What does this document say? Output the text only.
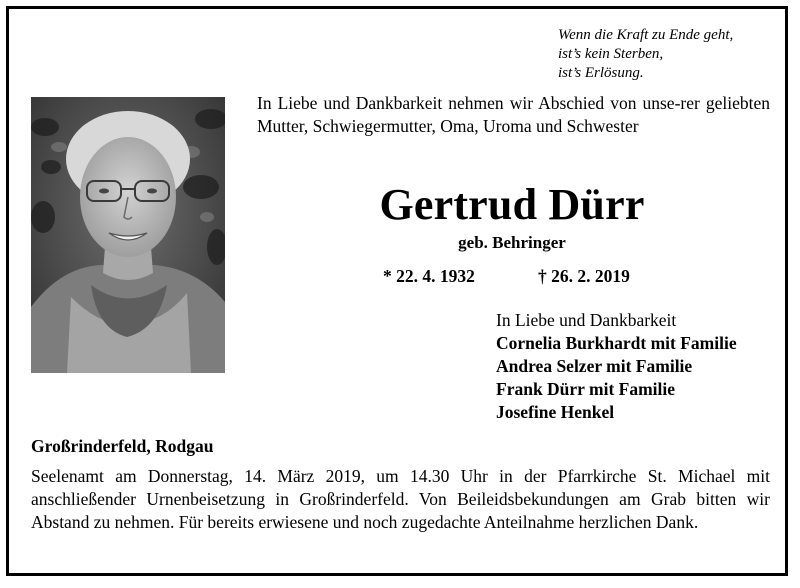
Wenn die Kraft zu Ende geht,
ist’s kein Sterben,
ist’s Erlösung.
In Liebe und Dankbarkeit nehmen wir Abschied von unse-rer geliebten Mutter, Schwiegermutter, Oma, Uroma und Schwester
Gertrud Dürr
geb. Behringer
* 22. 4. 1932	† 26. 2. 2019
In Liebe und Dankbarkeit
Cornelia Burkhardt mit Familie
Andrea Selzer mit Familie
Frank Dürr mit Familie
Josefine Henkel
Großrinderfeld, Rodgau
Seelenamt am Donnerstag, 14. März 2019, um 14.30 Uhr in der Pfarrkirche St. Michael mit anschließender Urnenbeisetzung in Großrinderfeld. Von Beileidsbekundungen am Grab bitten wir Abstand zu nehmen. Für bereits erwiesene und noch zugedachte Anteilnahme herzlichen Dank.
